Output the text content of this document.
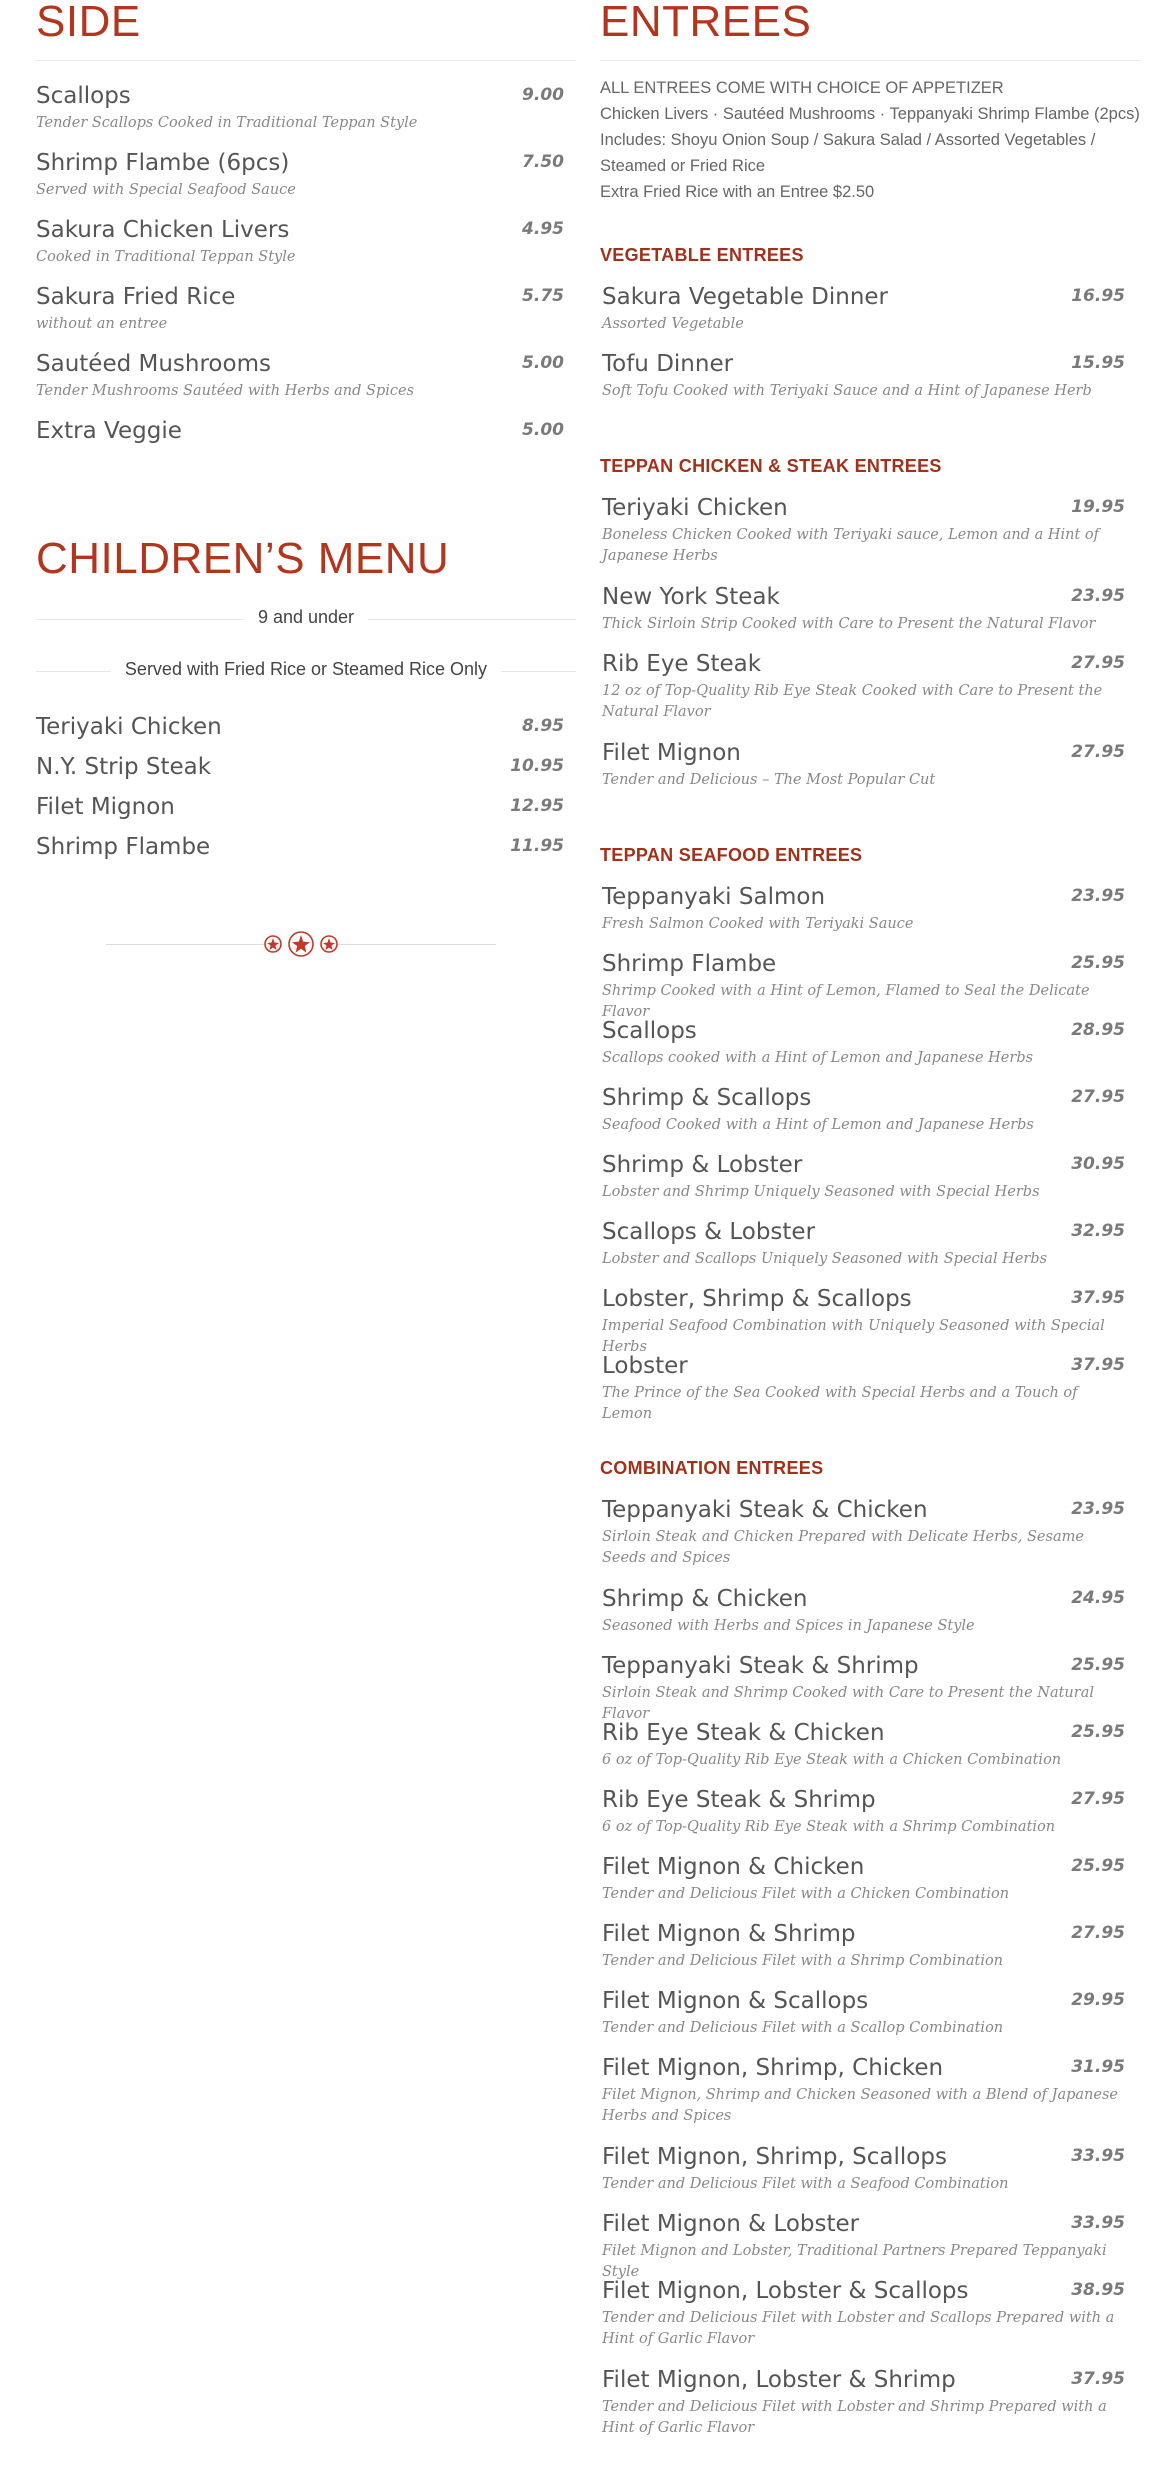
SIDE
Scallops	9.00
Tender Scallops Cooked in Traditional Teppan Style
Shrimp Flambe (6pcs)	7.50
Served with Special Seafood Sauce
Sakura Chicken Livers	4.95
Cooked in Traditional Teppan Style
Sakura Fried Rice	5.75
without an entree
Sautéed Mushrooms	5.00
Tender Mushrooms Sautéed with Herbs and Spices
Extra Veggie	5.00
CHILDREN’S MENU
9 and under
Served with Fried Rice or Steamed Rice Only
Teriyaki Chicken	8.95
N.Y. Strip Steak	10.95
Filet Mignon	12.95
Shrimp Flambe	11.95
ENTREES
ALL ENTREES COME WITH CHOICE OF APPETIZER
Chicken Livers · Sautéed Mushrooms · Teppanyaki Shrimp Flambe (2pcs)
Includes: Shoyu Onion Soup / Sakura Salad / Assorted Vegetables / Steamed or Fried Rice
Extra Fried Rice with an Entree $2.50
VEGETABLE ENTREES
Sakura Vegetable Dinner	16.95
Assorted Vegetable
Tofu Dinner	15.95
Soft Tofu Cooked with Teriyaki Sauce and a Hint of Japanese Herb
TEPPAN CHICKEN & STEAK ENTREES
Teriyaki Chicken	19.95
Boneless Chicken Cooked with Teriyaki sauce, Lemon and a Hint of Japanese Herbs
New York Steak	23.95
Thick Sirloin Strip Cooked with Care to Present the Natural Flavor
Rib Eye Steak	27.95
12 oz of Top-Quality Rib Eye Steak Cooked with Care to Present the Natural Flavor
Filet Mignon	27.95
Tender and Delicious – The Most Popular Cut
TEPPAN SEAFOOD ENTREES
Teppanyaki Salmon	23.95
Fresh Salmon Cooked with Teriyaki Sauce
Shrimp Flambe	25.95
Shrimp Cooked with a Hint of Lemon, Flamed to Seal the Delicate Flavor
Scallops	28.95
Scallops cooked with a Hint of Lemon and Japanese Herbs
Shrimp & Scallops	27.95
Seafood Cooked with a Hint of Lemon and Japanese Herbs
Shrimp & Lobster	30.95
Lobster and Shrimp Uniquely Seasoned with Special Herbs
Scallops & Lobster	32.95
Lobster and Scallops Uniquely Seasoned with Special Herbs
Lobster, Shrimp & Scallops	37.95
Imperial Seafood Combination with Uniquely Seasoned with Special Herbs
Lobster	37.95
The Prince of the Sea Cooked with Special Herbs and a Touch of Lemon
COMBINATION ENTREES
Teppanyaki Steak & Chicken	23.95
Sirloin Steak and Chicken Prepared with Delicate Herbs, Sesame Seeds and Spices
Shrimp & Chicken	24.95
Seasoned with Herbs and Spices in Japanese Style
Teppanyaki Steak & Shrimp	25.95
Sirloin Steak and Shrimp Cooked with Care to Present the Natural Flavor
Rib Eye Steak & Chicken	25.95
6 oz of Top-Quality Rib Eye Steak with a Chicken Combination
Rib Eye Steak & Shrimp	27.95
6 oz of Top-Quality Rib Eye Steak with a Shrimp Combination
Filet Mignon & Chicken	25.95
Tender and Delicious Filet with a Chicken Combination
Filet Mignon & Shrimp	27.95
Tender and Delicious Filet with a Shrimp Combination
Filet Mignon & Scallops	29.95
Tender and Delicious Filet with a Scallop Combination
Filet Mignon, Shrimp, Chicken	31.95
Filet Mignon, Shrimp and Chicken Seasoned with a Blend of Japanese Herbs and Spices
Filet Mignon, Shrimp, Scallops	33.95
Tender and Delicious Filet with a Seafood Combination
Filet Mignon & Lobster	33.95
Filet Mignon and Lobster, Traditional Partners Prepared Teppanyaki Style
Filet Mignon, Lobster & Scallops	38.95
Tender and Delicious Filet with Lobster and Scallops Prepared with a Hint of Garlic Flavor
Filet Mignon, Lobster & Shrimp	37.95
Tender and Delicious Filet with Lobster and Shrimp Prepared with a Hint of Garlic Flavor
